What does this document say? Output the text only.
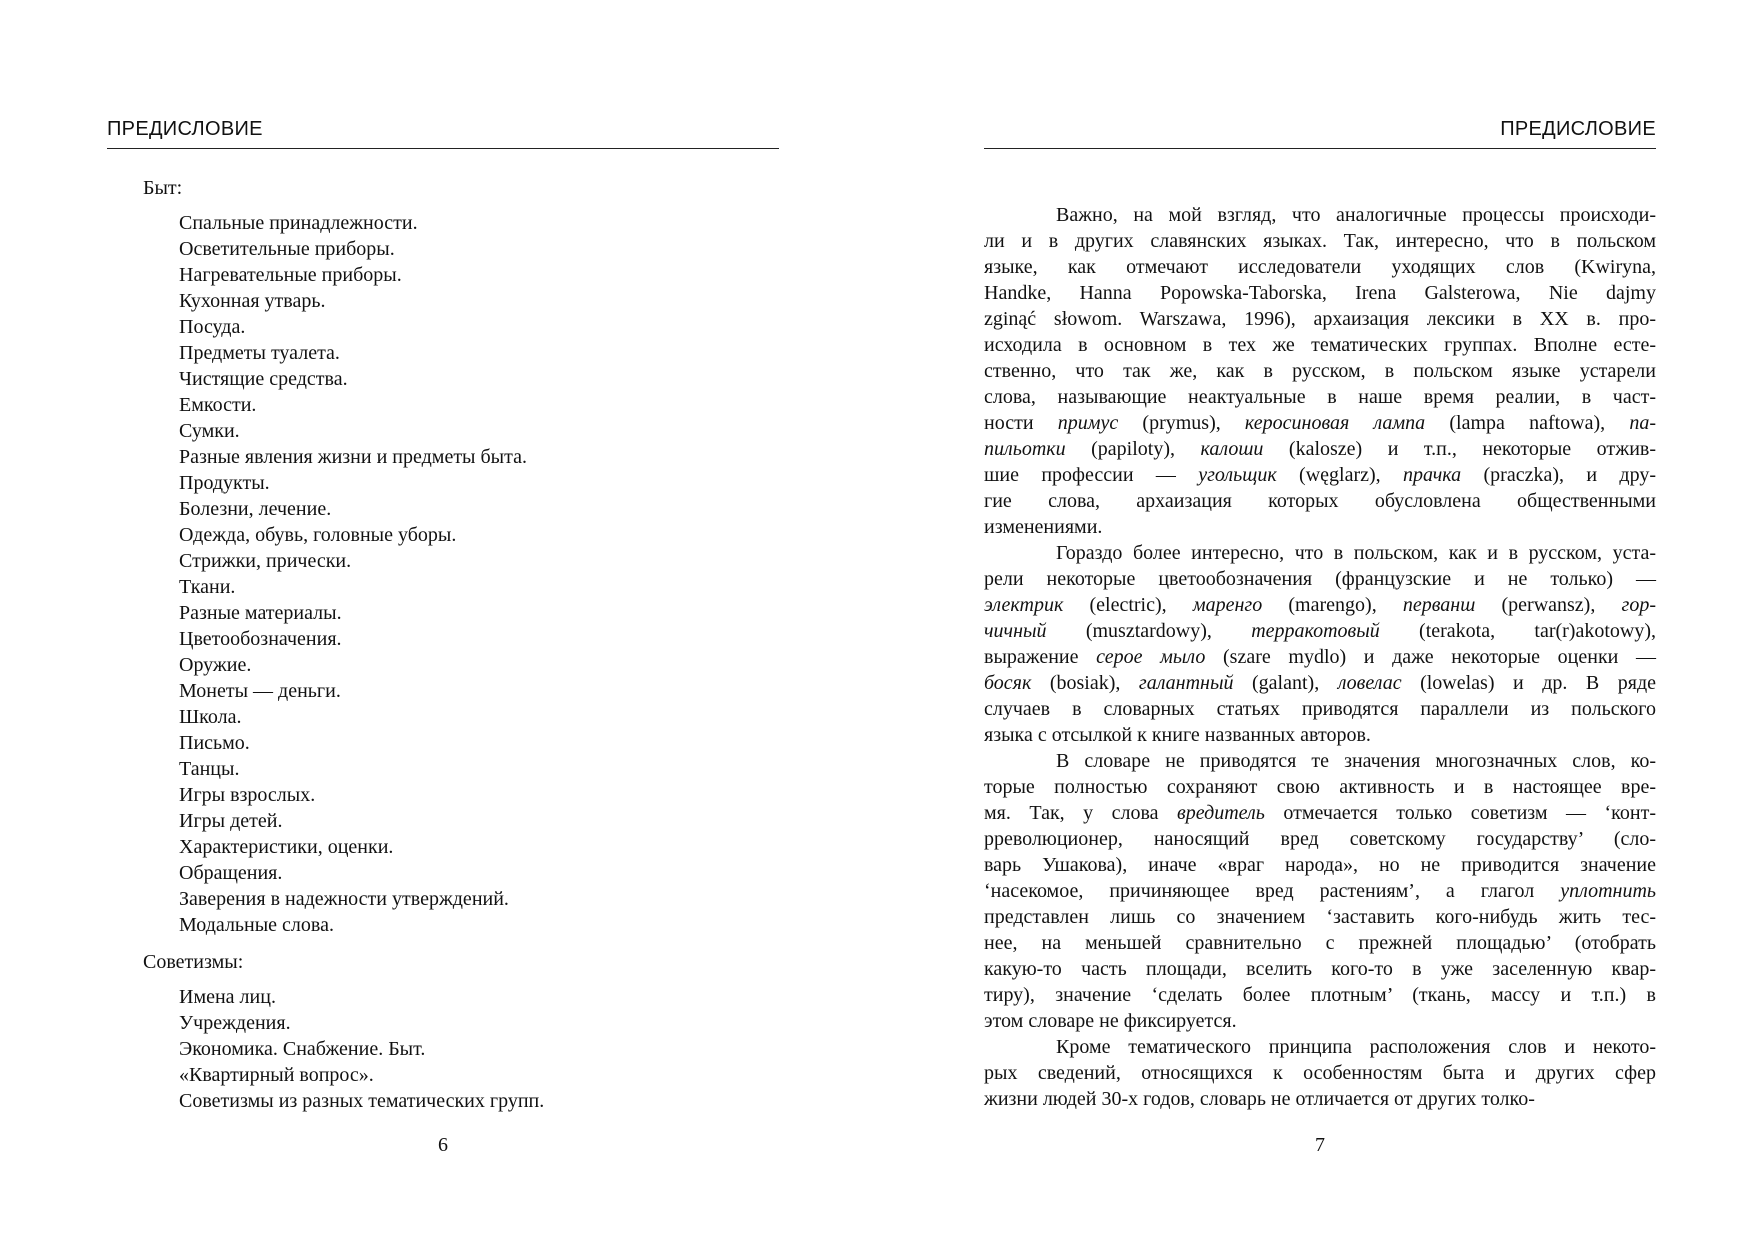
ПРЕДИСЛОВИЕ
Быт:
Спальные принадлежности.
Осветительные приборы.
Нагревательные приборы.
Кухонная утварь.
Посуда.
Предметы туалета.
Чистящие средства.
Емкости.
Сумки.
Разные явления жизни и предметы быта.
Продукты.
Болезни, лечение.
Одежда, обувь, головные уборы.
Стрижки, прически.
Ткани.
Разные материалы.
Цветообозначения.
Оружие.
Монеты — деньги.
Школа.
Письмо.
Танцы.
Игры взрослых.
Игры детей.
Характеристики, оценки.
Обращения.
Заверения в надежности утверждений.
Модальные слова.
Советизмы:
Имена лиц.
Учреждения.
Экономика. Снабжение. Быт.
«Квартирный вопрос».
Советизмы из разных тематических групп.
6
ПРЕДИСЛОВИЕ
Важно, на мой взгляд, что аналогичные процессы происходи-
ли и в других славянских языках. Так, интересно, что в польском
языке, как отмечают исследователи уходящих слов (Kwiryna,
Handke, Hanna Popowska-Taborska, Irena Galsterowa, Nie dajmy
zginąć słowom. Warszawa, 1996), архаизация лексики в XX в. про-
исходила в основном в тех же тематических группах. Вполне есте-
ственно, что так же, как в русском, в польском языке устарели
слова, называющие неактуальные в наше время реалии, в част-
ности примус (prymus), керосиновая лампа (lampa naftowa), па-
пильотки (papiloty), калоши (kalosze) и т.п., некоторые отжив-
шие профессии — угольщик (węglarz), прачка (praczka), и дру-
гие слова, архаизация которых обусловлена общественными
изменениями.
Гораздо более интересно, что в польском, как и в русском, уста-
рели некоторые цветообозначения (французские и не только) —
электрик (electric), маренго (marengo), перванш (perwansz), гор-
чичный (musztardowy), терракотовый (terakota, tar(r)akotowy),
выражение серое мыло (szare mydlo) и даже некоторые оценки —
босяк (bosiak), галантный (galant), ловелас (lowelas) и др. В ряде
случаев в словарных статьях приводятся параллели из польского
языка с отсылкой к книге названных авторов.
В словаре не приводятся те значения многозначных слов, ко-
торые полностью сохраняют свою активность и в настоящее вре-
мя. Так, у слова вредитель отмечается только советизм — ‘конт-
рреволюционер, наносящий вред советскому государству’ (сло-
варь Ушакова), иначе «враг народа», но не приводится значение
‘насекомое, причиняющее вред растениям’, а глагол уплотнить
представлен лишь со значением ‘заставить кого-нибудь жить тес-
нее, на меньшей сравнительно с прежней площадью’ (отобрать
какую-то часть площади, вселить кого-то в уже заселенную квар-
тиру), значение ‘сделать более плотным’ (ткань, массу и т.п.) в
этом словаре не фиксируется.
Кроме тематического принципа расположения слов и некото-
рых сведений, относящихся к особенностям быта и других сфер
жизни людей 30-х годов, словарь не отличается от других толко-
7
